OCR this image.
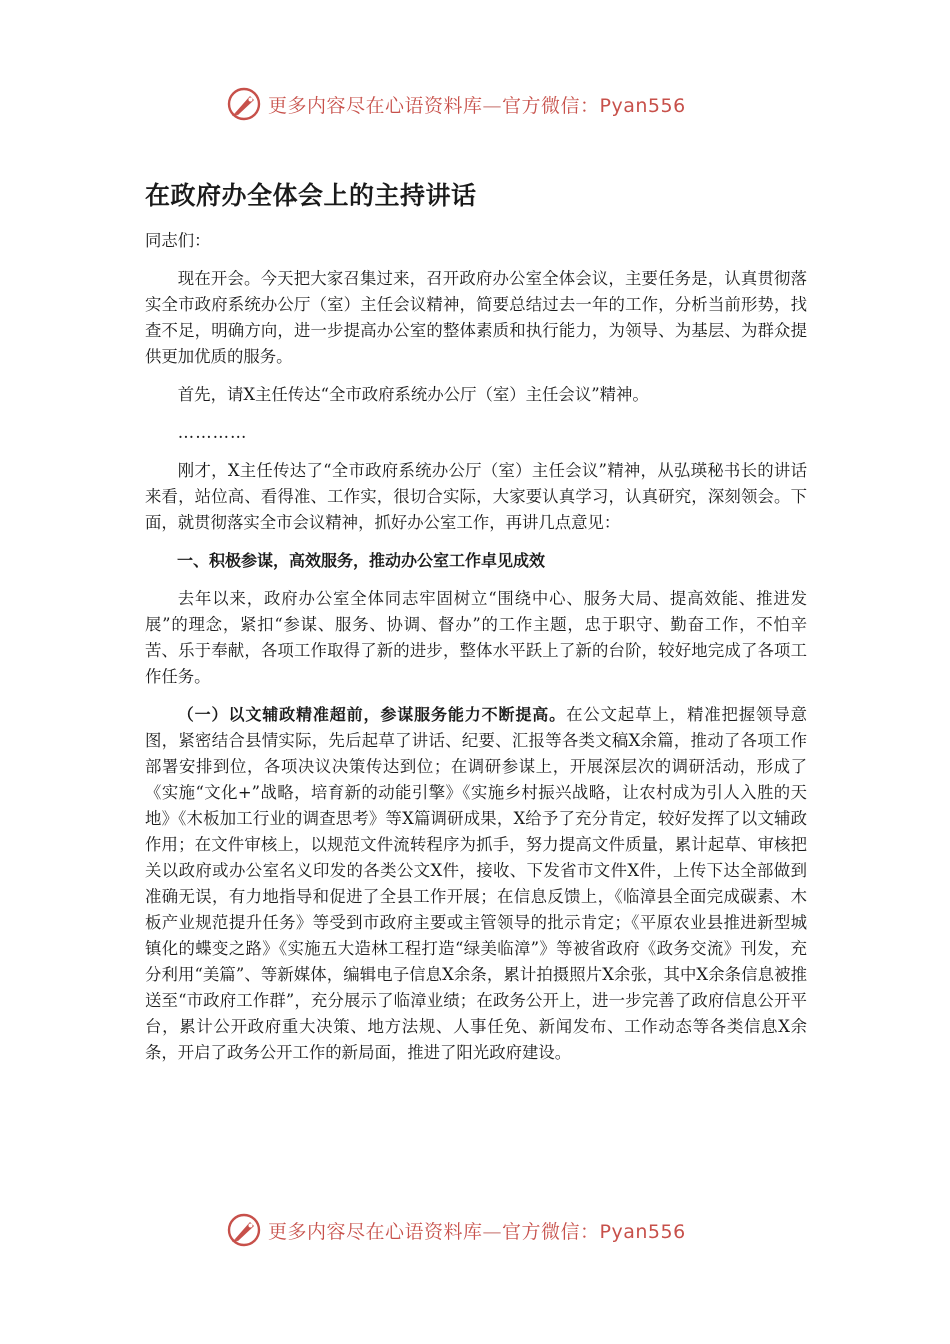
更多内容尽在心语资料库—官方微信：Pyan556
在政府办全体会上的主持讲话

同志们：

现在开会。今天把大家召集过来，召开政府办公室全体会议，主要任务是，认真贯彻落实全市政府系统办公厅（室）主任会议精神，简要总结过去一年的工作，分析当前形势，找查不足，明确方向，进一步提高办公室的整体素质和执行能力，为领导、为基层、为群众提供更加优质的服务。

首先，请X主任传达“全市政府系统办公厅（室）主任会议”精神。

…………

刚才，X主任传达了“全市政府系统办公厅（室）主任会议”精神，从弘瑛秘书长的讲话来看，站位高、看得准、工作实，很切合实际，大家要认真学习，认真研究，深刻领会。下面，就贯彻落实全市会议精神，抓好办公室工作，再讲几点意见：

一、积极参谋，高效服务，推动办公室工作卓见成效

去年以来，政府办公室全体同志牢固树立“围绕中心、服务大局、提高效能、推进发展”的理念，紧扣“参谋、服务、协调、督办”的工作主题，忠于职守、勤奋工作，不怕辛苦、乐于奉献，各项工作取得了新的进步，整体水平跃上了新的台阶，较好地完成了各项工作任务。

（一）以文辅政精准超前，参谋服务能力不断提高。在公文起草上，精准把握领导意图，紧密结合县情实际，先后起草了讲话、纪要、汇报等各类文稿X余篇，推动了各项工作部署安排到位，各项决议决策传达到位；在调研参谋上，开展深层次的调研活动，形成了《实施“文化+”战略，培育新的动能引擎》《实施乡村振兴战略，让农村成为引人入胜的天地》《木板加工行业的调查思考》等X篇调研成果，X给予了充分肯定，较好发挥了以文辅政作用；在文件审核上，以规范文件流转程序为抓手，努力提高文件质量，累计起草、审核把关以政府或办公室名义印发的各类公文X件，接收、下发省市文件X件，上传下达全部做到准确无误，有力地指导和促进了全县工作开展；在信息反馈上，《临漳县全面完成碳素、木板产业规范提升任务》等受到市政府主要或主管领导的批示肯定；《平原农业县推进新型城镇化的蝶变之路》《实施五大造林工程打造“绿美临漳”》等被省政府《政务交流》刊发，充分利用“美篇”、等新媒体，编辑电子信息X余条，累计拍摄照片X余张，其中X余条信息被推送至“市政府工作群”，充分展示了临漳业绩；在政务公开上，进一步完善了政府信息公开平台，累计公开政府重大决策、地方法规、人事任免、新闻发布、工作动态等各类信息X余条，开启了政务公开工作的新局面，推进了阳光政府建设。

更多内容尽在心语资料库—官方微信：Pyan556
